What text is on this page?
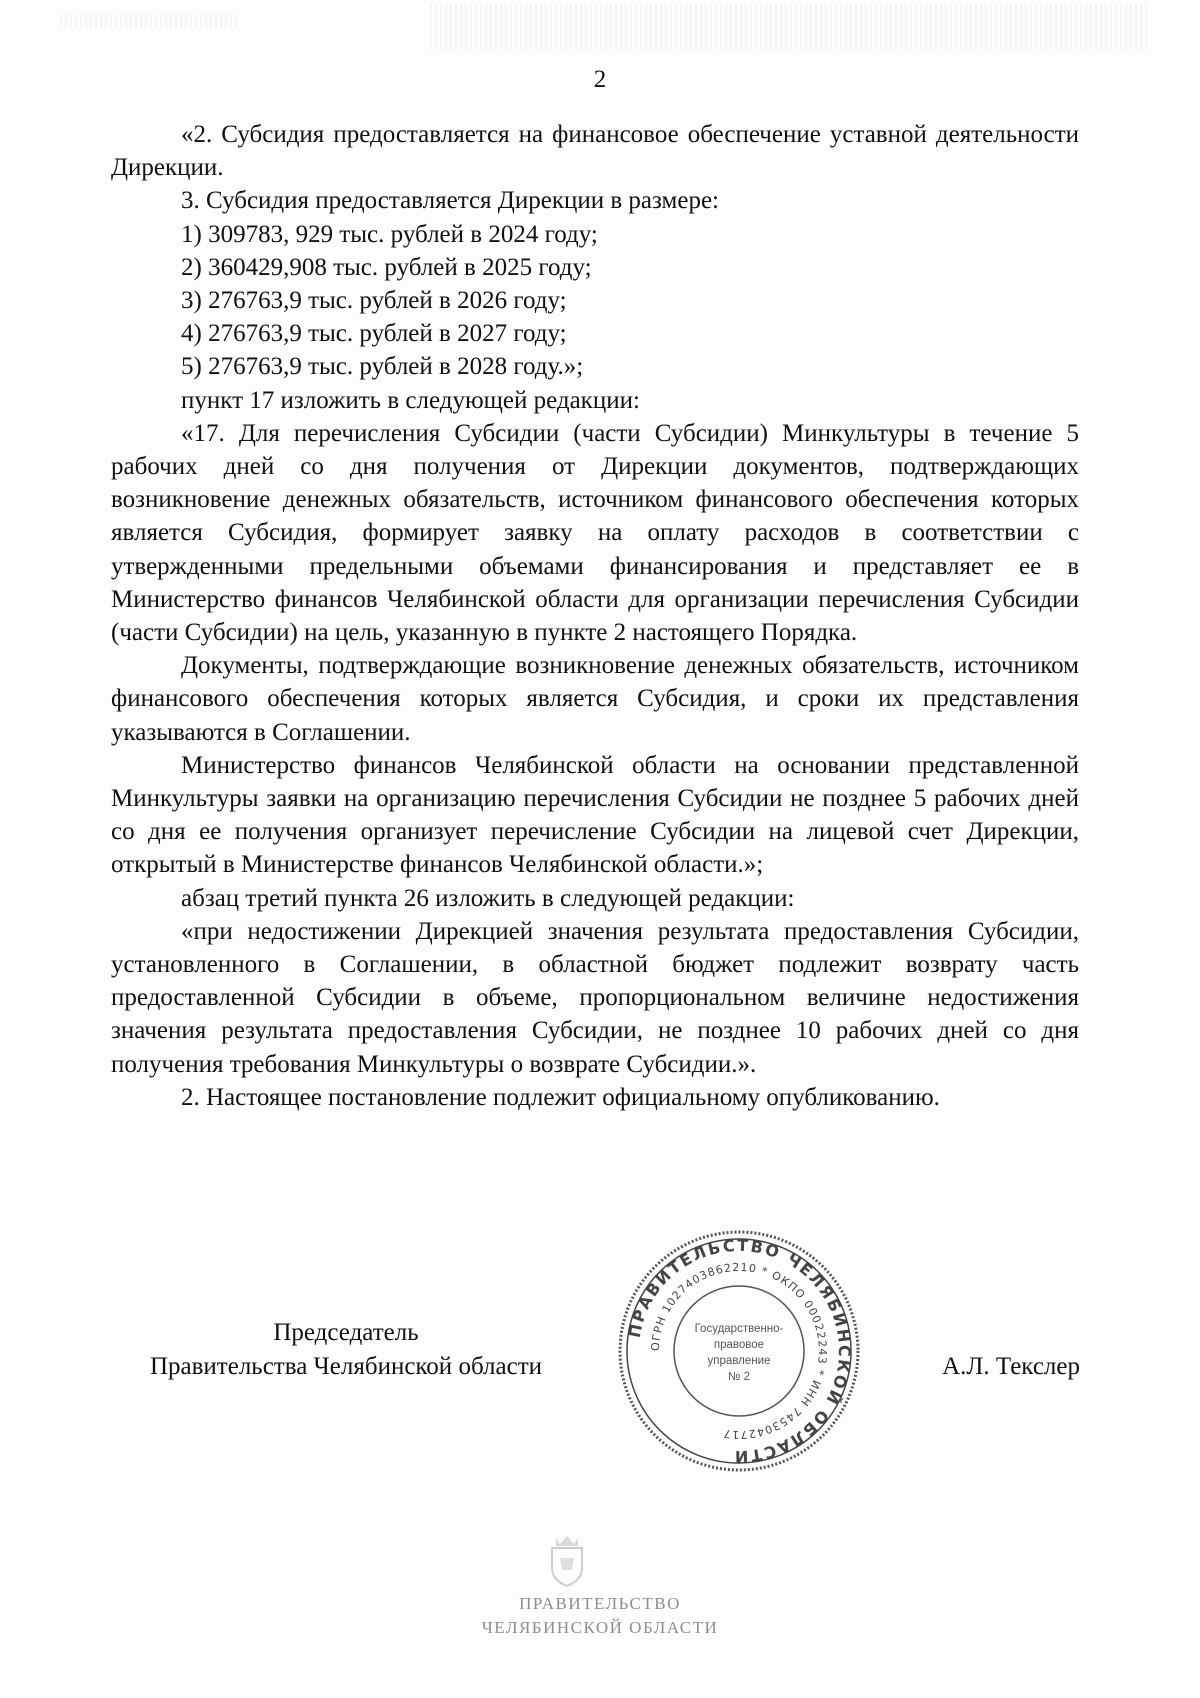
2

«2. Субсидия предоставляется на финансовое обеспечение уставной деятельности Дирекции.

3. Субсидия предоставляется Дирекции в размере:

1) 309783, 929 тыс. рублей в 2024 году;

2) 360429,908 тыс. рублей в 2025 году;

3) 276763,9 тыс. рублей в 2026 году;

4) 276763,9 тыс. рублей в 2027 году;

5) 276763,9 тыс. рублей в 2028 году.»;

пункт 17 изложить в следующей редакции:

«17. Для перечисления Субсидии (части Субсидии) Минкультуры в течение 5 рабочих дней со дня получения от Дирекции документов, подтверждающих возникновение денежных обязательств, источником финансового обеспечения которых является Субсидия, формирует заявку на оплату расходов в соответствии с утвержденными предельными объемами финансирования и представляет ее в Министерство финансов Челябинской области для организации перечисления Субсидии (части Субсидии) на цель, указанную в пункте 2 настоящего Порядка.

Документы, подтверждающие возникновение денежных обязательств, источником финансового обеспечения которых является Субсидия, и сроки их представления указываются в Соглашении.

Министерство финансов Челябинской области на основании представленной Минкультуры заявки на организацию перечисления Субсидии не позднее 5 рабочих дней со дня ее получения организует перечисление Субсидии на лицевой счет Дирекции, открытый в Министерстве финансов Челябинской области.»;

абзац третий пункта 26 изложить в следующей редакции:

«при недостижении Дирекцией значения результата предоставления Субсидии, установленного в Соглашении, в областной бюджет подлежит возврату часть предоставленной Субсидии в объеме, пропорциональном величине недостижения значения результата предоставления Субсидии, не позднее 10 рабочих дней со дня получения требования Минкультуры о возврате Субсидии.».

2. Настоящее постановление подлежит официальному опубликованию.

Председатель
Правительства Челябинской области
ПРАВИТЕЛЬСТВО ЧЕЛЯБИНСКОЙ ОБЛАСТИ
ОГРН 1027403862210 * ОКПО 00022243 * ИНН 7453042717
Государственно-
правовое
управление
№ 2	А.Л. Текслер
ПРАВИТЕЛЬСТВО
ЧЕЛЯБИНСКОЙ ОБЛАСТИ
